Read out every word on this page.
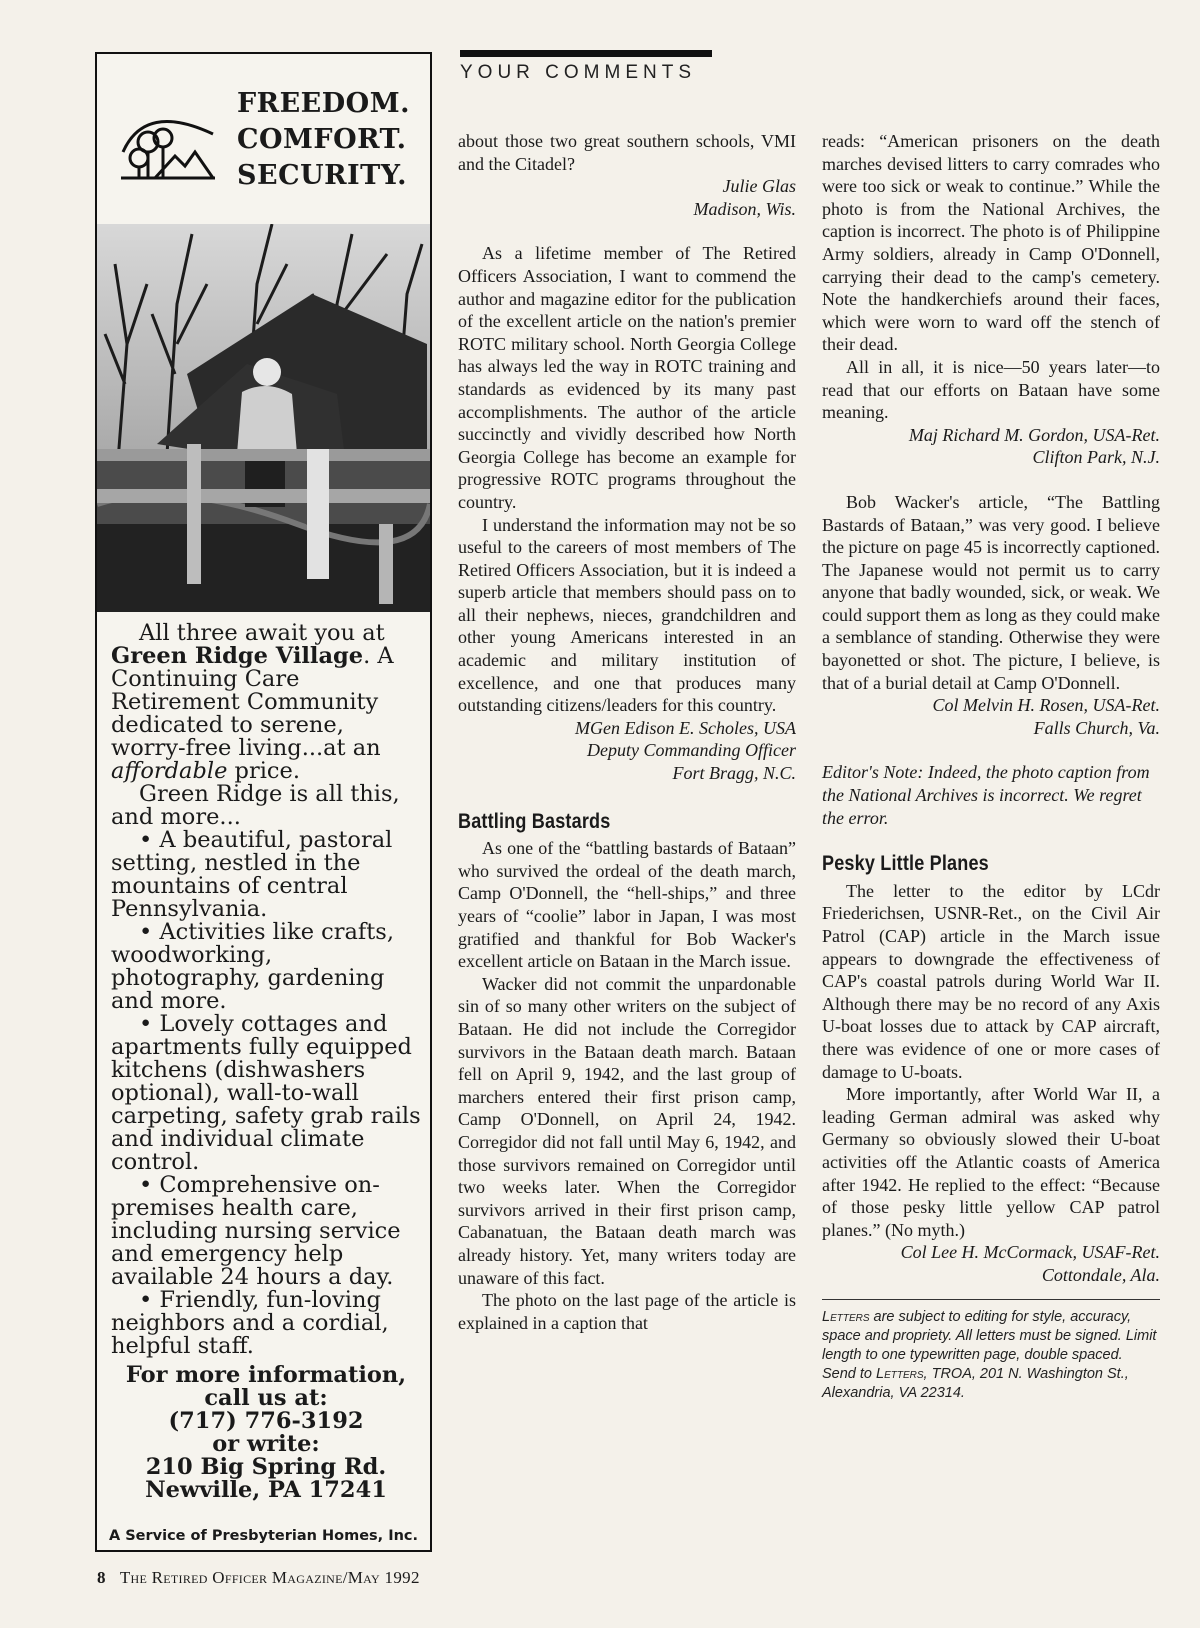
YOUR COMMENTS
FREEDOM.
COMFORT.
SECURITY.

All three await you at Green Ridge Village. A Continuing Care Retirement Community dedicated to serene, worry-free living...at an affordable price.

Green Ridge is all this, and more...

• A beautiful, pastoral setting, nestled in the mountains of central Pennsylvania.

• Activities like crafts, woodworking, photography, gardening and more.

• Lovely cottages and apartments fully equipped kitchens (dishwashers optional), wall-to-wall carpeting, safety grab rails and individual climate control.

• Comprehensive on-premises health care, including nursing service and emergency help available 24 hours a day.

• Friendly, fun-loving neighbors and a cordial, helpful staff.

For more information,
call us at:
(717) 776-3192
or write:
210 Big Spring Rd.
Newville, PA 17241
A Service of Presbyterian Homes, Inc.

about those two great southern schools, VMI and the Citadel?

Julie Glas

Madison, Wis.

As a lifetime member of The Retired Officers Association, I want to commend the author and magazine editor for the publication of the excellent article on the nation's premier ROTC military school. North Georgia College has always led the way in ROTC training and standards as evidenced by its many past accomplishments. The author of the article succinctly and vividly described how North Georgia College has become an example for progressive ROTC programs throughout the country.

I understand the information may not be so useful to the careers of most members of The Retired Officers Association, but it is indeed a superb article that members should pass on to all their nephews, nieces, grandchildren and other young Americans interested in an academic and military institution of excellence, and one that produces many outstanding citizens/leaders for this country.

MGen Edison E. Scholes, USA

Deputy Commanding Officer

Fort Bragg, N.C.

Battling Bastards

As one of the “battling bastards of Bataan” who survived the ordeal of the death march, Camp O'Donnell, the “hell-ships,” and three years of “coolie” labor in Japan, I was most gratified and thankful for Bob Wacker's excellent article on Bataan in the March issue.

Wacker did not commit the unpardonable sin of so many other writers on the subject of Bataan. He did not include the Corregidor survivors in the Bataan death march. Bataan fell on April 9, 1942, and the last group of marchers entered their first prison camp, Camp O'Donnell, on April 24, 1942. Corregidor did not fall until May 6, 1942, and those survivors remained on Corregidor until two weeks later. When the Corregidor survivors arrived in their first prison camp, Cabanatuan, the Bataan death march was already history. Yet, many writers today are unaware of this fact.

The photo on the last page of the article is explained in a caption that

reads: “American prisoners on the death marches devised litters to carry comrades who were too sick or weak to continue.” While the photo is from the National Archives, the caption is incorrect. The photo is of Philippine Army soldiers, already in Camp O'Donnell, carrying their dead to the camp's cemetery. Note the handkerchiefs around their faces, which were worn to ward off the stench of their dead.

All in all, it is nice—50 years later—to read that our efforts on Bataan have some meaning.

Maj Richard M. Gordon, USA-Ret.

Clifton Park, N.J.

Bob Wacker's article, “The Battling Bastards of Bataan,” was very good. I believe the picture on page 45 is incorrectly captioned. The Japanese would not permit us to carry anyone that badly wounded, sick, or weak. We could support them as long as they could make a semblance of standing. Otherwise they were bayonetted or shot. The picture, I believe, is that of a burial detail at Camp O'Donnell.

Col Melvin H. Rosen, USA-Ret.

Falls Church, Va.

Editor's Note: Indeed, the photo caption from the National Archives is incorrect. We regret the error.

Pesky Little Planes

The letter to the editor by LCdr Friederichsen, USNR-Ret., on the Civil Air Patrol (CAP) article in the March issue appears to downgrade the effectiveness of CAP's coastal patrols during World War II. Although there may be no record of any Axis U-boat losses due to attack by CAP aircraft, there was evidence of one or more cases of damage to U-boats.

More importantly, after World War II, a leading German admiral was asked why Germany so obviously slowed their U-boat activities off the Atlantic coasts of America after 1942. He replied to the effect: “Because of those pesky little yellow CAP patrol planes.” (No myth.)

Col Lee H. McCormack, USAF-Ret.

Cottondale, Ala.

Letters are subject to editing for style, accuracy, space and propriety. All letters must be signed. Limit length to one typewritten page, double spaced. Send to Letters, TROA, 201 N. Washington St., Alexandria, VA 22314.

8 The Retired Officer Magazine/May 1992
